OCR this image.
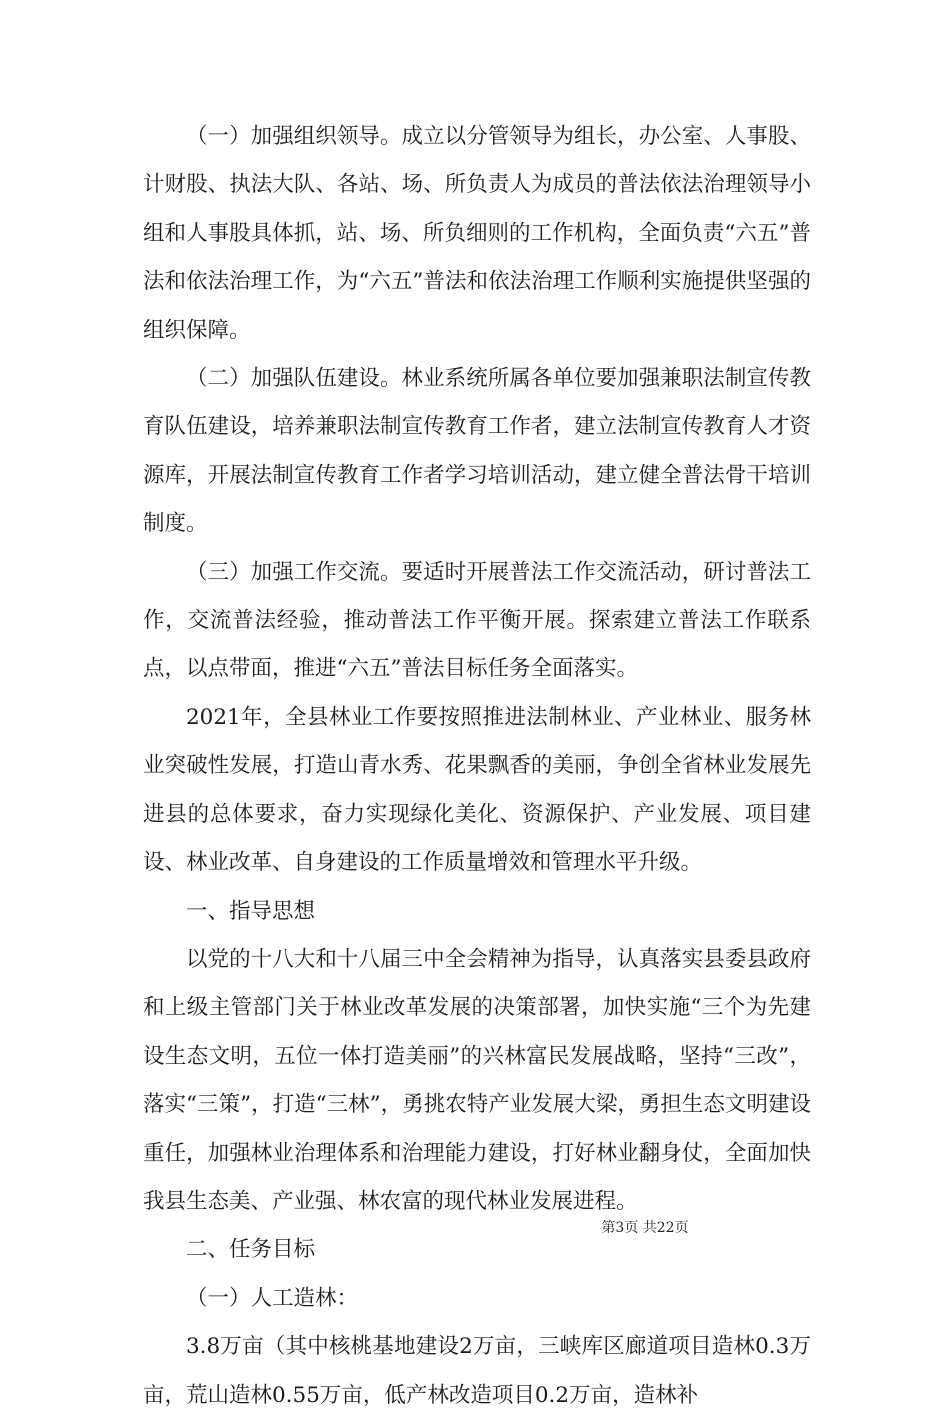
（一）加强组织领导。成立以分管领导为组长，办公室、人事股、计财股、执法大队、各站、场、所负责人为成员的普法依法治理领导小组和人事股具体抓，站、场、所负细则的工作机构，全面负责“六五”普法和依法治理工作，为“六五”普法和依法治理工作顺利实施提供坚强的组织保障。

（二）加强队伍建设。林业系统所属各单位要加强兼职法制宣传教育队伍建设，培养兼职法制宣传教育工作者，建立法制宣传教育人才资源库，开展法制宣传教育工作者学习培训活动，建立健全普法骨干培训制度。

（三）加强工作交流。要适时开展普法工作交流活动，研讨普法工作，交流普法经验，推动普法工作平衡开展。探索建立普法工作联系点，以点带面，推进“六五”普法目标任务全面落实。

2021年，全县林业工作要按照推进法制林业、产业林业、服务林业突破性发展，打造山青水秀、花果飘香的美丽，争创全省林业发展先进县的总体要求，奋力实现绿化美化、资源保护、产业发展、项目建设、林业改革、自身建设的工作质量增效和管理水平升级。

一、指导思想

以党的十八大和十八届三中全会精神为指导，认真落实县委县政府和上级主管部门关于林业改革发展的决策部署，加快实施“三个为先建设生态文明，五位一体打造美丽”的兴林富民发展战略，坚持“三改”，落实“三策”，打造“三林”，勇挑农特产业发展大梁，勇担生态文明建设重任，加强林业治理体系和治理能力建设，打好林业翻身仗，全面加快我县生态美、产业强、林农富的现代林业发展进程。

二、任务目标

（一）人工造林：

3.8万亩（其中核桃基地建设2万亩，三峡库区廊道项目造林0.3万亩，荒山造林0.55万亩，低产林改造项目0.2万亩，造林补

第3页 共22页
